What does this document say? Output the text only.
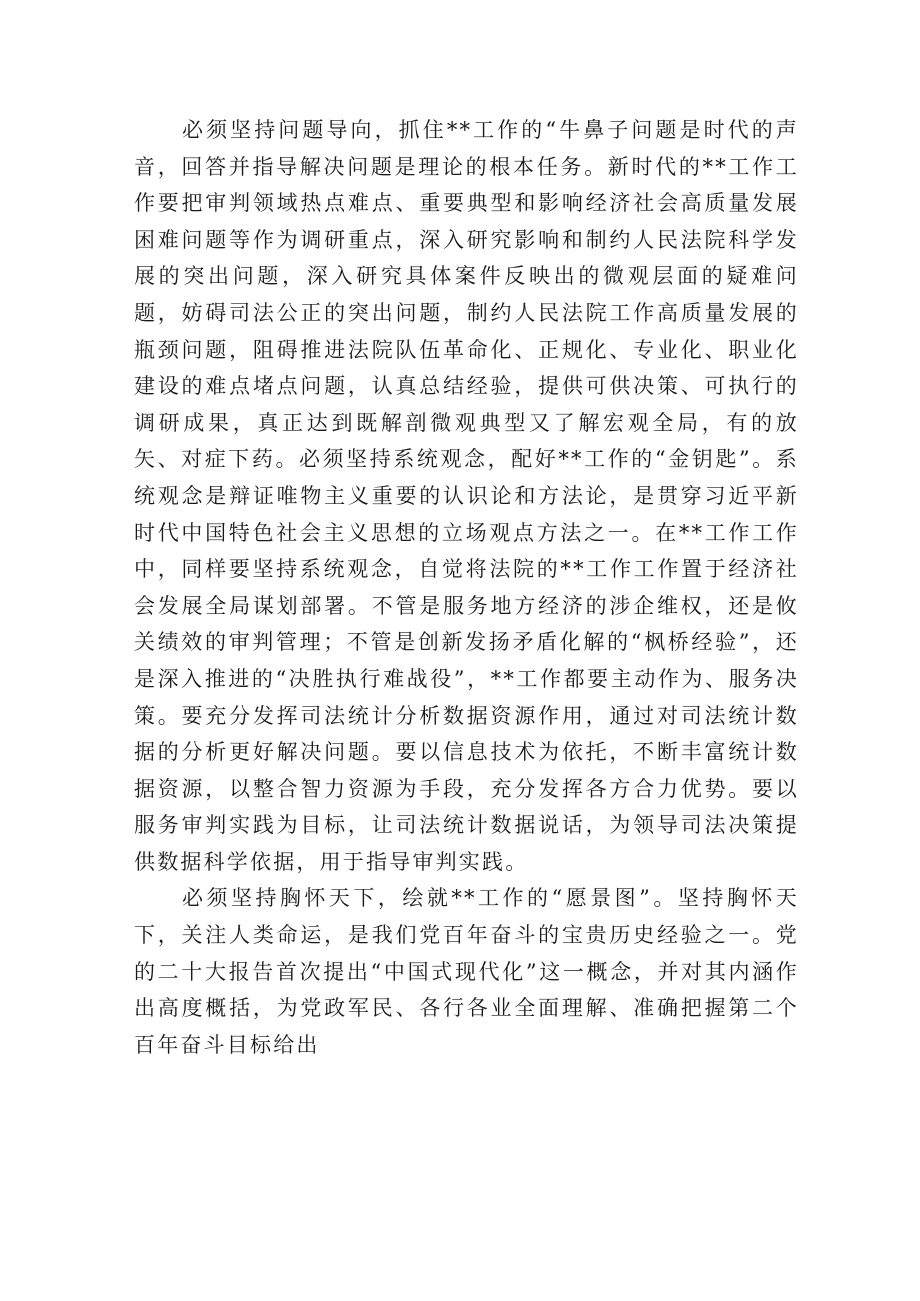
必须坚持问题导向，抓住**工作的“牛鼻子问题是时代的声音，回答并指导解决问题是理论的根本任务。新时代的**工作工作要把审判领域热点难点、重要典型和影响经济社会高质量发展困难问题等作为调研重点，深入研究影响和制约人民法院科学发展的突出问题，深入研究具体案件反映出的微观层面的疑难问题，妨碍司法公正的突出问题，制约人民法院工作高质量发展的瓶颈问题，阻碍推进法院队伍革命化、正规化、专业化、职业化建设的难点堵点问题，认真总结经验，提供可供决策、可执行的调研成果，真正达到既解剖微观典型又了解宏观全局，有的放矢、对症下药。必须坚持系统观念，配好**工作的“金钥匙”。系统观念是辩证唯物主义重要的认识论和方法论，是贯穿习近平新时代中国特色社会主义思想的立场观点方法之一。在**工作工作中，同样要坚持系统观念，自觉将法院的**工作工作置于经济社会发展全局谋划部署。不管是服务地方经济的涉企维权，还是攸关绩效的审判管理；不管是创新发扬矛盾化解的“枫桥经验”，还是深入推进的“决胜执行难战役”，**工作都要主动作为、服务决策。要充分发挥司法统计分析数据资源作用，通过对司法统计数据的分析更好解决问题。要以信息技术为依托，不断丰富统计数据资源，以整合智力资源为手段，充分发挥各方合力优势。要以服务审判实践为目标，让司法统计数据说话，为领导司法决策提供数据科学依据，用于指导审判实践。

必须坚持胸怀天下，绘就**工作的“愿景图”。坚持胸怀天下，关注人类命运，是我们党百年奋斗的宝贵历史经验之一。党的二十大报告首次提出“中国式现代化”这一概念，并对其内涵作出高度概括，为党政军民、各行各业全面理解、准确把握第二个百年奋斗目标给出
